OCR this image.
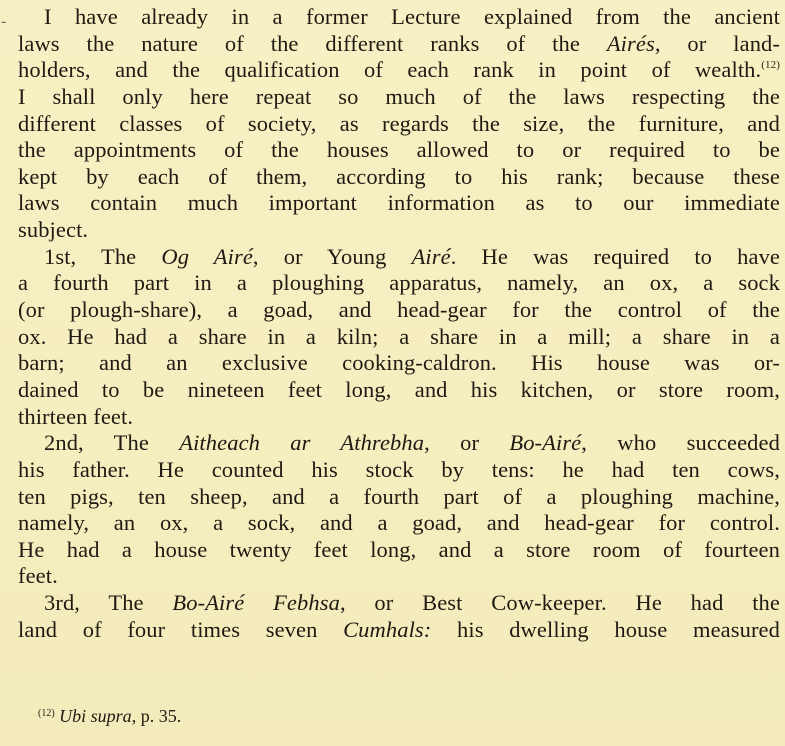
-	I have already in a former Lecture explained from the ancient
laws the nature of the different ranks of the Airés, or land-
holders, and the qualification of each rank in point of wealth.$^{(12)}$
I shall only here repeat so much of the laws respecting the
different classes of society, as regards the size, the furniture, and
the appointments of the houses allowed to or required to be
kept by each of them, according to his rank; because these
laws contain much important information as to our immediate
subject.
1st, The Og Airé, or Young Airé. He was required to have
a fourth part in a ploughing apparatus, namely, an ox, a sock
(or plough-share), a goad, and head-gear for the control of the
ox. He had a share in a kiln; a share in a mill; a share in a
barn; and an exclusive cooking-caldron. His house was or-
dained to be nineteen feet long, and his kitchen, or store room,
thirteen feet.
2nd, The Aitheach ar Athrebha, or Bo-Airé, who succeeded
his father. He counted his stock by tens: he had ten cows,
ten pigs, ten sheep, and a fourth part of a ploughing machine,
namely, an ox, a sock, and a goad, and head-gear for control.
He had a house twenty feet long, and a store room of fourteen
feet.
3rd, The Bo-Airé Febhsa, or Best Cow-keeper. He had the
land of four times seven Cumhals: his dwelling house measured
$^{(12)}$ Ubi supra, p. 35.
